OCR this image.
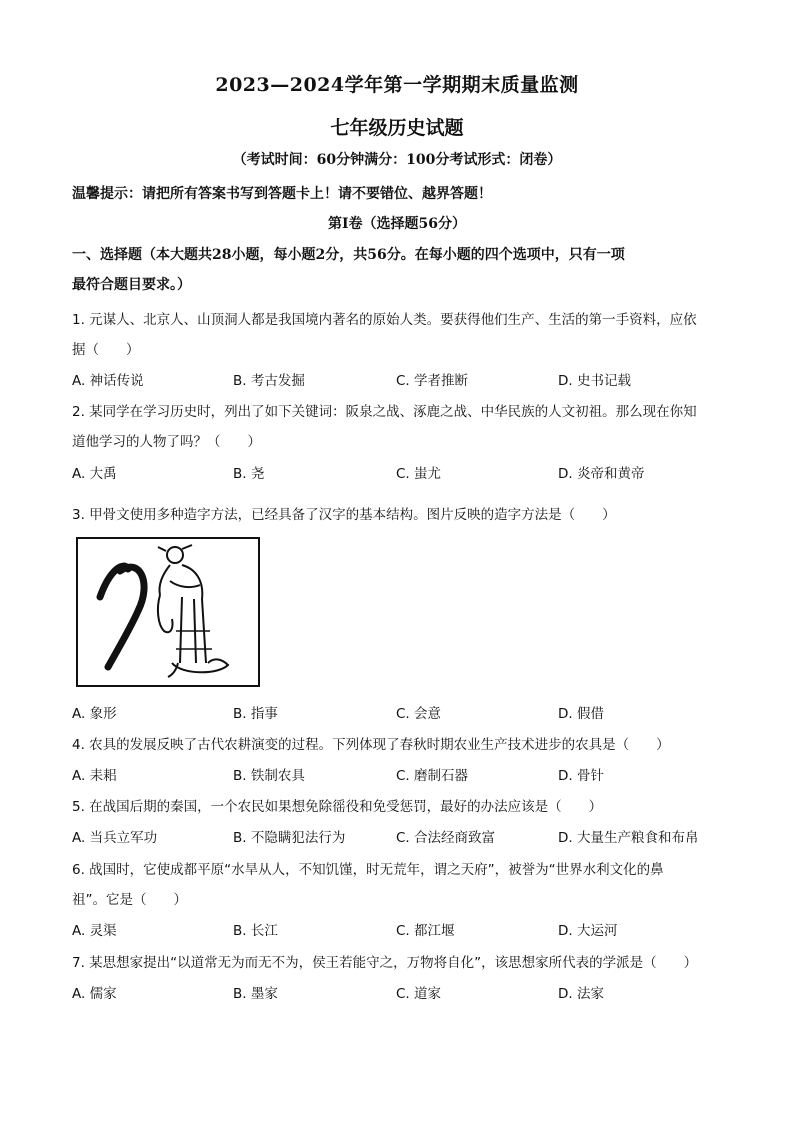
2023—2024学年第一学期期末质量监测
七年级历史试题
（考试时间：60分钟满分：100分考试形式：闭卷）
温馨提示：请把所有答案书写到答题卡上！请不要错位、越界答题！
第Ⅰ卷（选择题56分）
一、选择题（本大题共28小题，每小题2分，共56分。在每小题的四个选项中，只有一项
最符合题目要求。）
1. 元谋人、北京人、山顶洞人都是我国境内著名的原始人类。要获得他们生产、生活的第一手资料，应依
据（　　）
A. 神话传说	B. 考古发掘	C. 学者推断	D. 史书记载
2. 某同学在学习历史时，列出了如下关键词：阪泉之战、涿鹿之战、中华民族的人文初祖。那么现在你知
道他学习的人物了吗？（　　）
A. 大禹	B. 尧	C. 蚩尤	D. 炎帝和黄帝
3. 甲骨文使用多种造字方法，已经具备了汉字的基本结构。图片反映的造字方法是（　　）
A. 象形	B. 指事	C. 会意	D. 假借
4. 农具的发展反映了古代农耕演变的过程。下列体现了春秋时期农业生产技术进步的农具是（　　）
A. 耒耜	B. 铁制农具	C. 磨制石器	D. 骨针
5. 在战国后期的秦国，一个农民如果想免除徭役和免受惩罚，最好的办法应该是（　　）
A. 当兵立军功	B. 不隐瞒犯法行为	C. 合法经商致富	D. 大量生产粮食和布帛
6. 战国时，它使成都平原“水旱从人，不知饥馑，时无荒年，谓之天府”，被誉为“世界水利文化的鼻
祖”。它是（　　）
A. 灵渠	B. 长江	C. 都江堰	D. 大运河
7. 某思想家提出“以道常无为而无不为，侯王若能守之，万物将自化”，该思想家所代表的学派是（　　）
A. 儒家	B. 墨家	C. 道家	D. 法家
